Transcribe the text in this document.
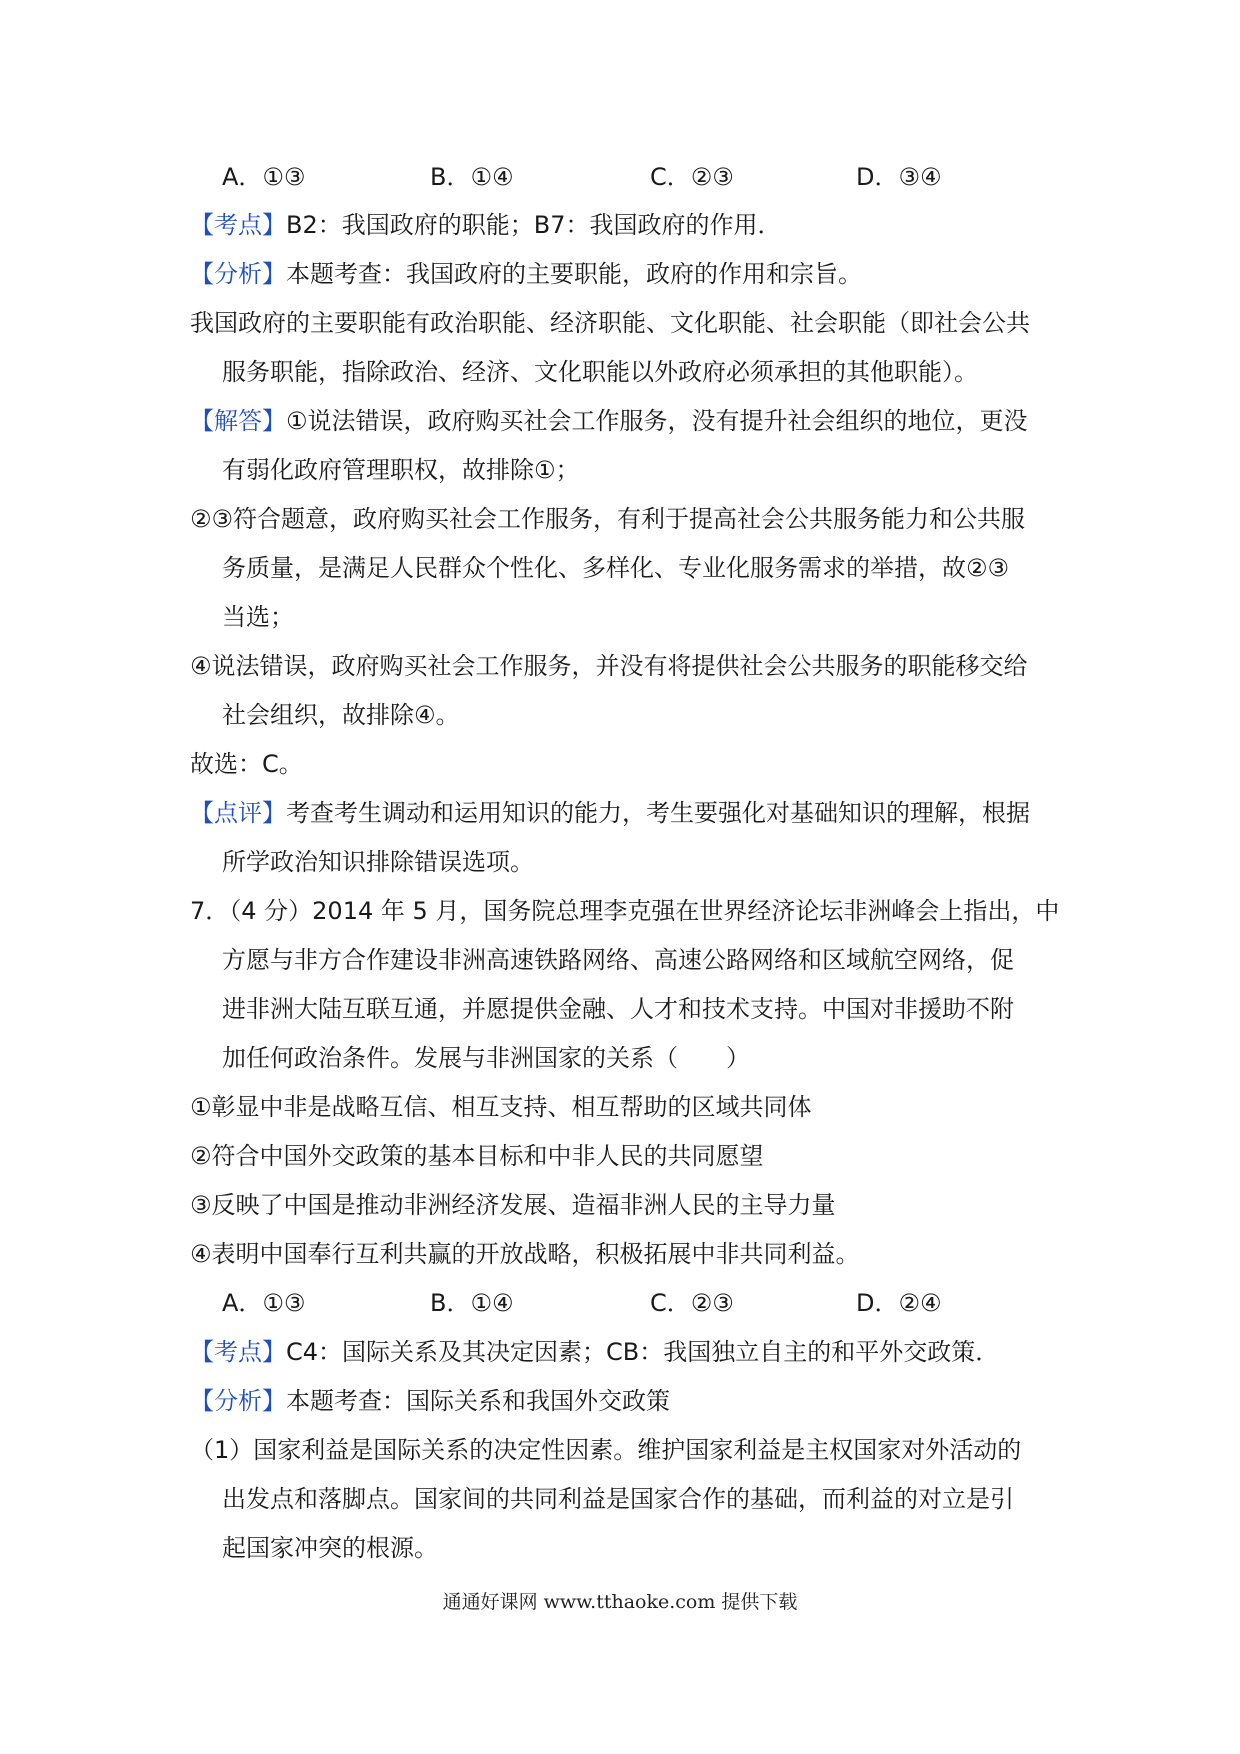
A．①③	B．①④	C．②③	D．③④
【考点】B2：我国政府的职能；B7：我国政府的作用．
【分析】本题考查：我国政府的主要职能，政府的作用和宗旨。
我国政府的主要职能有政治职能、经济职能、文化职能、社会职能（即社会公共
服务职能，指除政治、经济、文化职能以外政府必须承担的其他职能）。
【解答】①说法错误，政府购买社会工作服务，没有提升社会组织的地位，更没
有弱化政府管理职权，故排除①；
②③符合题意，政府购买社会工作服务，有利于提高社会公共服务能力和公共服
务质量，是满足人民群众个性化、多样化、专业化服务需求的举措，故②③
当选；
④说法错误，政府购买社会工作服务，并没有将提供社会公共服务的职能移交给
社会组织，故排除④。
故选：C。
【点评】考查考生调动和运用知识的能力，考生要强化对基础知识的理解，根据
所学政治知识排除错误选项。
7．（4 分）2014 年 5 月，国务院总理李克强在世界经济论坛非洲峰会上指出，中
方愿与非方合作建设非洲高速铁路网络、高速公路网络和区域航空网络，促
进非洲大陆互联互通，并愿提供金融、人才和技术支持。中国对非援助不附
加任何政治条件。发展与非洲国家的关系（　　）
①彰显中非是战略互信、相互支持、相互帮助的区域共同体
②符合中国外交政策的基本目标和中非人民的共同愿望
③反映了中国是推动非洲经济发展、造福非洲人民的主导力量
④表明中国奉行互利共赢的开放战略，积极拓展中非共同利益。
A．①③	B．①④	C．②③	D．②④
【考点】C4：国际关系及其决定因素；CB：我国独立自主的和平外交政策．
【分析】本题考查：国际关系和我国外交政策
（1）国家利益是国际关系的决定性因素。维护国家利益是主权国家对外活动的
出发点和落脚点。国家间的共同利益是国家合作的基础，而利益的对立是引
起国家冲突的根源。
通通好课网 www.tthaoke.com 提供下载
